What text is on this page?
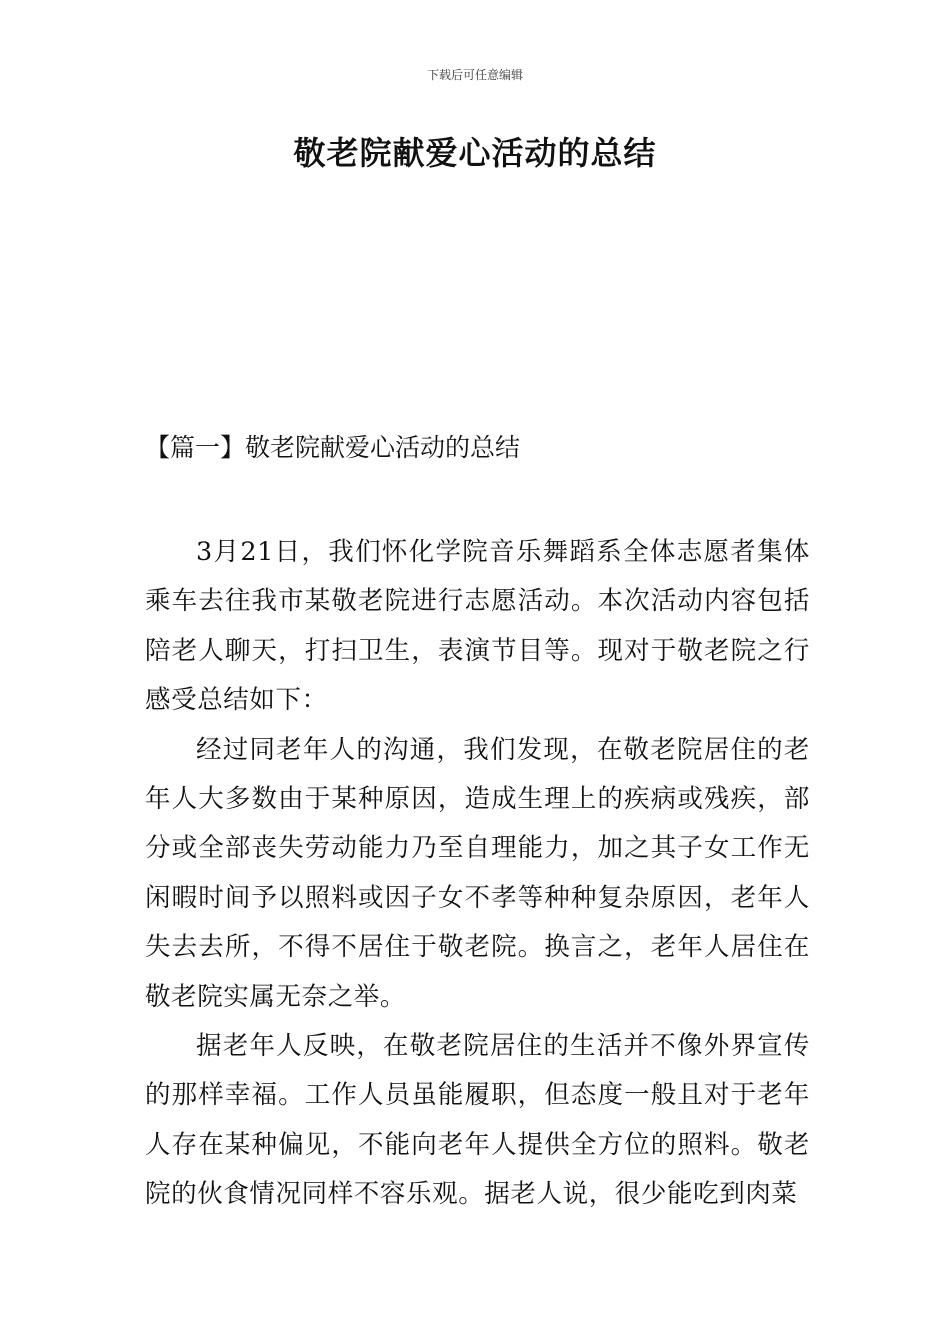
下载后可任意编辑
敬老院献爱心活动的总结
【篇一】敬老院献爱心活动的总结

3月21日，我们怀化学院音乐舞蹈系全体志愿者集体乘车去往我市某敬老院进行志愿活动。本次活动内容包括陪老人聊天，打扫卫生，表演节目等。现对于敬老院之行感受总结如下：

经过同老年人的沟通，我们发现，在敬老院居住的老年人大多数由于某种原因，造成生理上的疾病或残疾，部分或全部丧失劳动能力乃至自理能力，加之其子女工作无闲暇时间予以照料或因子女不孝等种种复杂原因，老年人失去去所，不得不居住于敬老院。换言之，老年人居住在敬老院实属无奈之举。

据老年人反映，在敬老院居住的生活并不像外界宣传的那样幸福。工作人员虽能履职，但态度一般且对于老年人存在某种偏见，不能向老年人提供全方位的照料。敬老院的伙食情况同样不容乐观。据老人说，很少能吃到肉菜
